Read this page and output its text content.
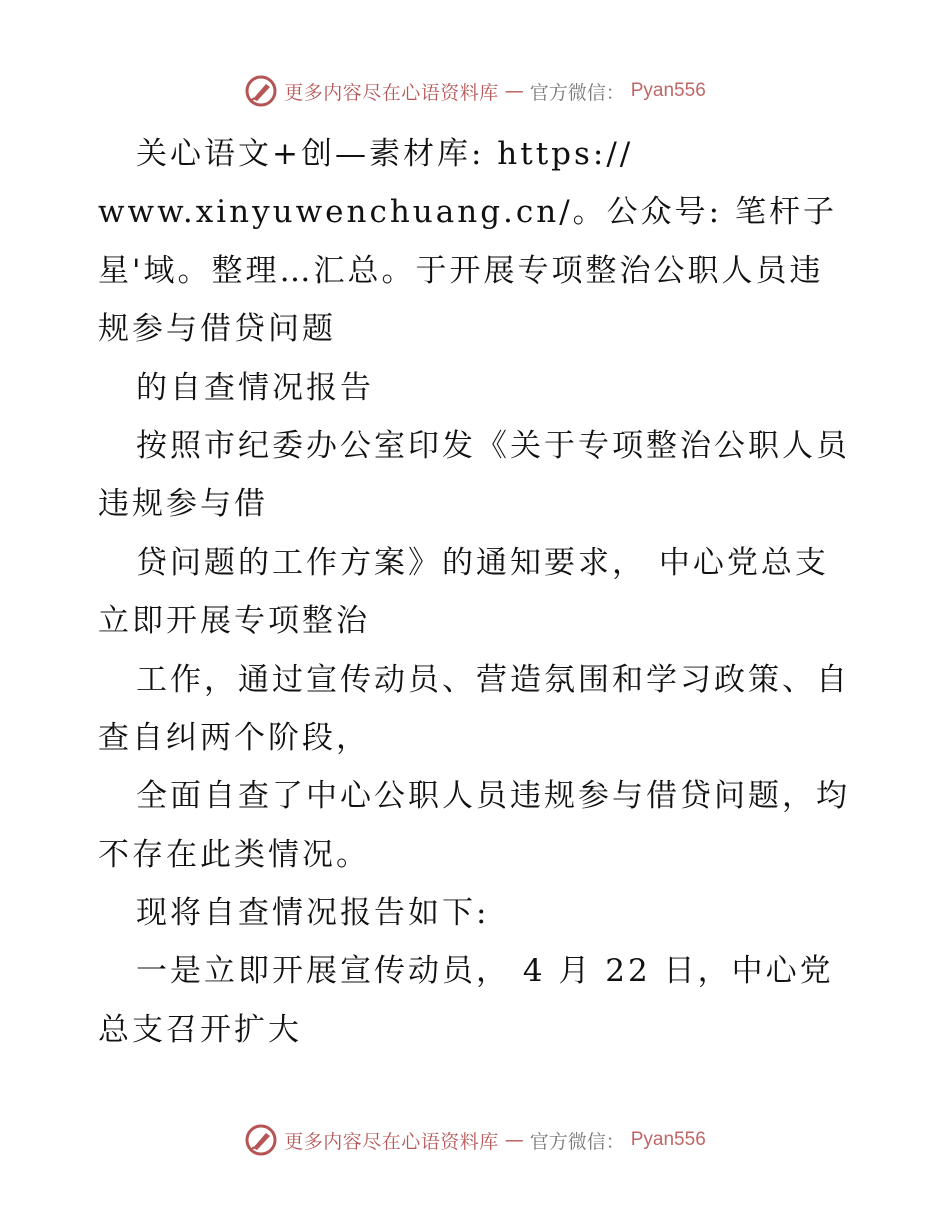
更多内容尽在心语资料库 — 官方微信： Pyan556
关心语文+创—素材库: https://
www.xinyuwenchuang.cn/。公众号: 笔杆子
星'域。整理…汇总。于开展专项整治公职人员违
规参与借贷问题
的自查情况报告
按照市纪委办公室印发《关于专项整治公职人员
违规参与借
贷问题的工作方案》的通知要求， 中心党总支
立即开展专项整治
工作，通过宣传动员、营造氛围和学习政策、自
查自纠两个阶段，
全面自查了中心公职人员违规参与借贷问题，均
不存在此类情况。
现将自查情况报告如下:
一是立即开展宣传动员， 4 月 22 日，中心党
总支召开扩大
更多内容尽在心语资料库 — 官方微信： Pyan556
